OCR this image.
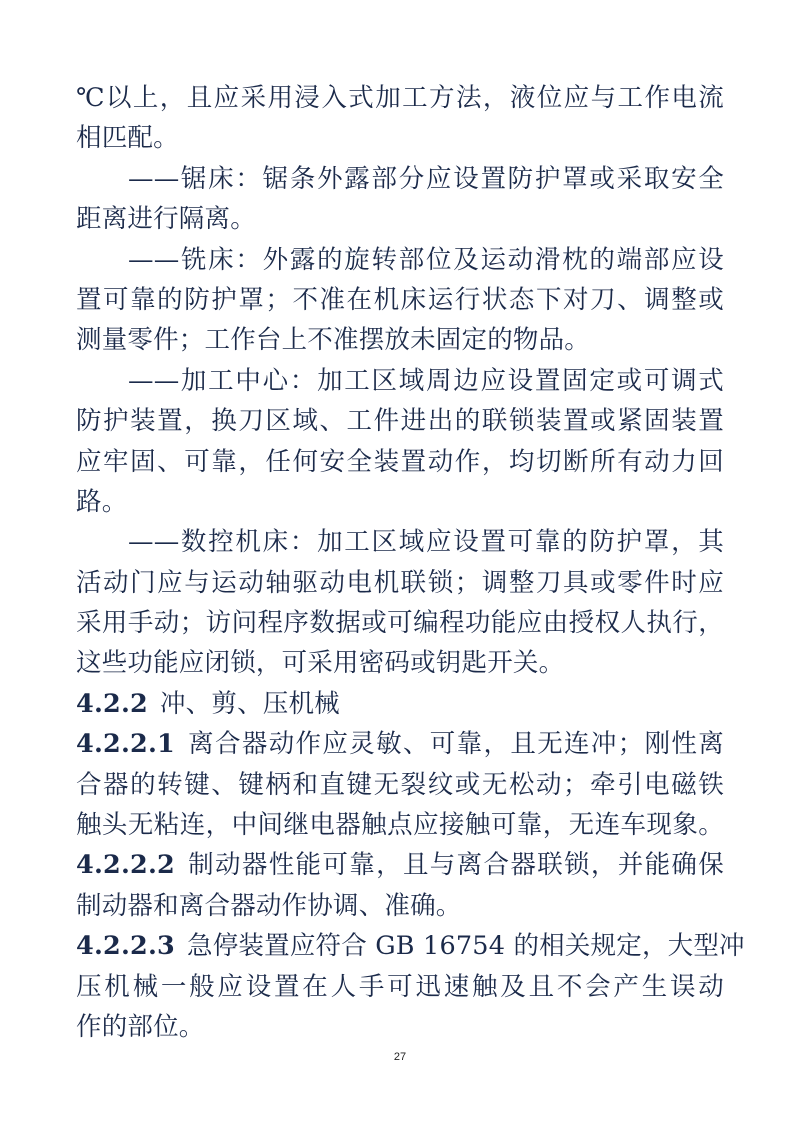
℃以上，且应采用浸入式加工方法，液位应与工作电流
相匹配。
——锯床：锯条外露部分应设置防护罩或采取安全
距离进行隔离。
——铣床：外露的旋转部位及运动滑枕的端部应设
置可靠的防护罩；不准在机床运行状态下对刀、调整或
测量零件；工作台上不准摆放未固定的物品。
——加工中心：加工区域周边应设置固定或可调式
防护装置，换刀区域、工件进出的联锁装置或紧固装置
应牢固、可靠，任何安全装置动作，均切断所有动力回
路。
——数控机床：加工区域应设置可靠的防护罩，其
活动门应与运动轴驱动电机联锁；调整刀具或零件时应
采用手动；访问程序数据或可编程功能应由授权人执行，
这些功能应闭锁，可采用密码或钥匙开关。
4.2.2 冲、剪、压机械
4.2.2.1 离合器动作应灵敏、可靠，且无连冲；刚性离
合器的转键、键柄和直键无裂纹或无松动；牵引电磁铁
触头无粘连，中间继电器触点应接触可靠，无连车现象。
4.2.2.2 制动器性能可靠，且与离合器联锁，并能确保
制动器和离合器动作协调、准确。
4.2.2.3 急停装置应符合 GB 16754 的相关规定，大型冲
压机械一般应设置在人手可迅速触及且不会产生误动
作的部位。
27
